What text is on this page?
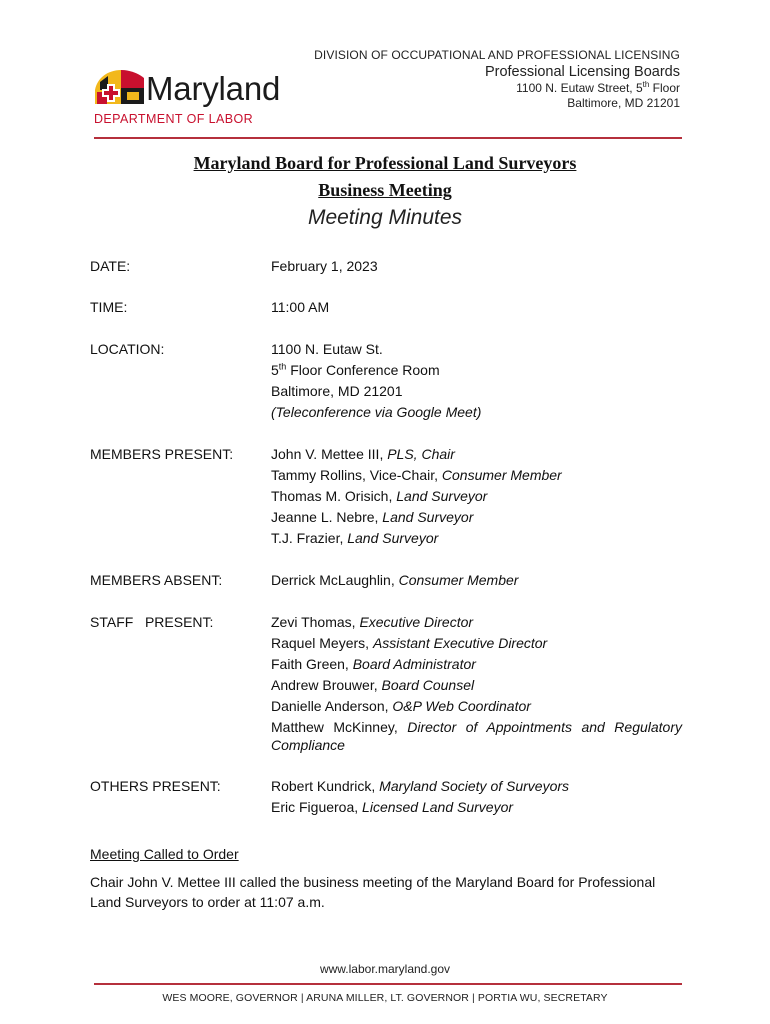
Maryland
DEPARTMENT OF LABOR
DIVISION OF OCCUPATIONAL AND PROFESSIONAL LICENSING
Professional Licensing Boards
1100 N. Eutaw Street, 5th Floor
Baltimore, MD 21201
Maryland Board for Professional Land Surveyors
Business Meeting
Meeting Minutes
DATE:	February 1, 2023
TIME:	11:00 AM
LOCATION:	1100 N. Eutaw St.
5th Floor Conference Room
Baltimore, MD 21201
(Teleconference via Google Meet)
MEMBERS PRESENT:	John V. Mettee III, PLS, Chair
Tammy Rollins, Vice-Chair, Consumer Member
Thomas M. Orisich, Land Surveyor
Jeanne L. Nebre, Land Surveyor
T.J. Frazier, Land Surveyor
MEMBERS ABSENT:	Derrick McLaughlin, Consumer Member
STAFF   PRESENT:	Zevi Thomas, Executive Director
Raquel Meyers, Assistant Executive Director
Faith Green, Board Administrator
Andrew Brouwer, Board Counsel
Danielle Anderson, O&P Web Coordinator
Matthew McKinney, Director of Appointments and Regulatory Compliance
OTHERS PRESENT:	Robert Kundrick, Maryland Society of Surveyors
Eric Figueroa, Licensed Land Surveyor
Meeting Called to Order
Chair John V. Mettee III called the business meeting of the Maryland Board for Professional Land Surveyors to order at 11:07 a.m.
www.labor.maryland.gov
WES MOORE, GOVERNOR | ARUNA MILLER, LT. GOVERNOR | PORTIA WU, SECRETARY
